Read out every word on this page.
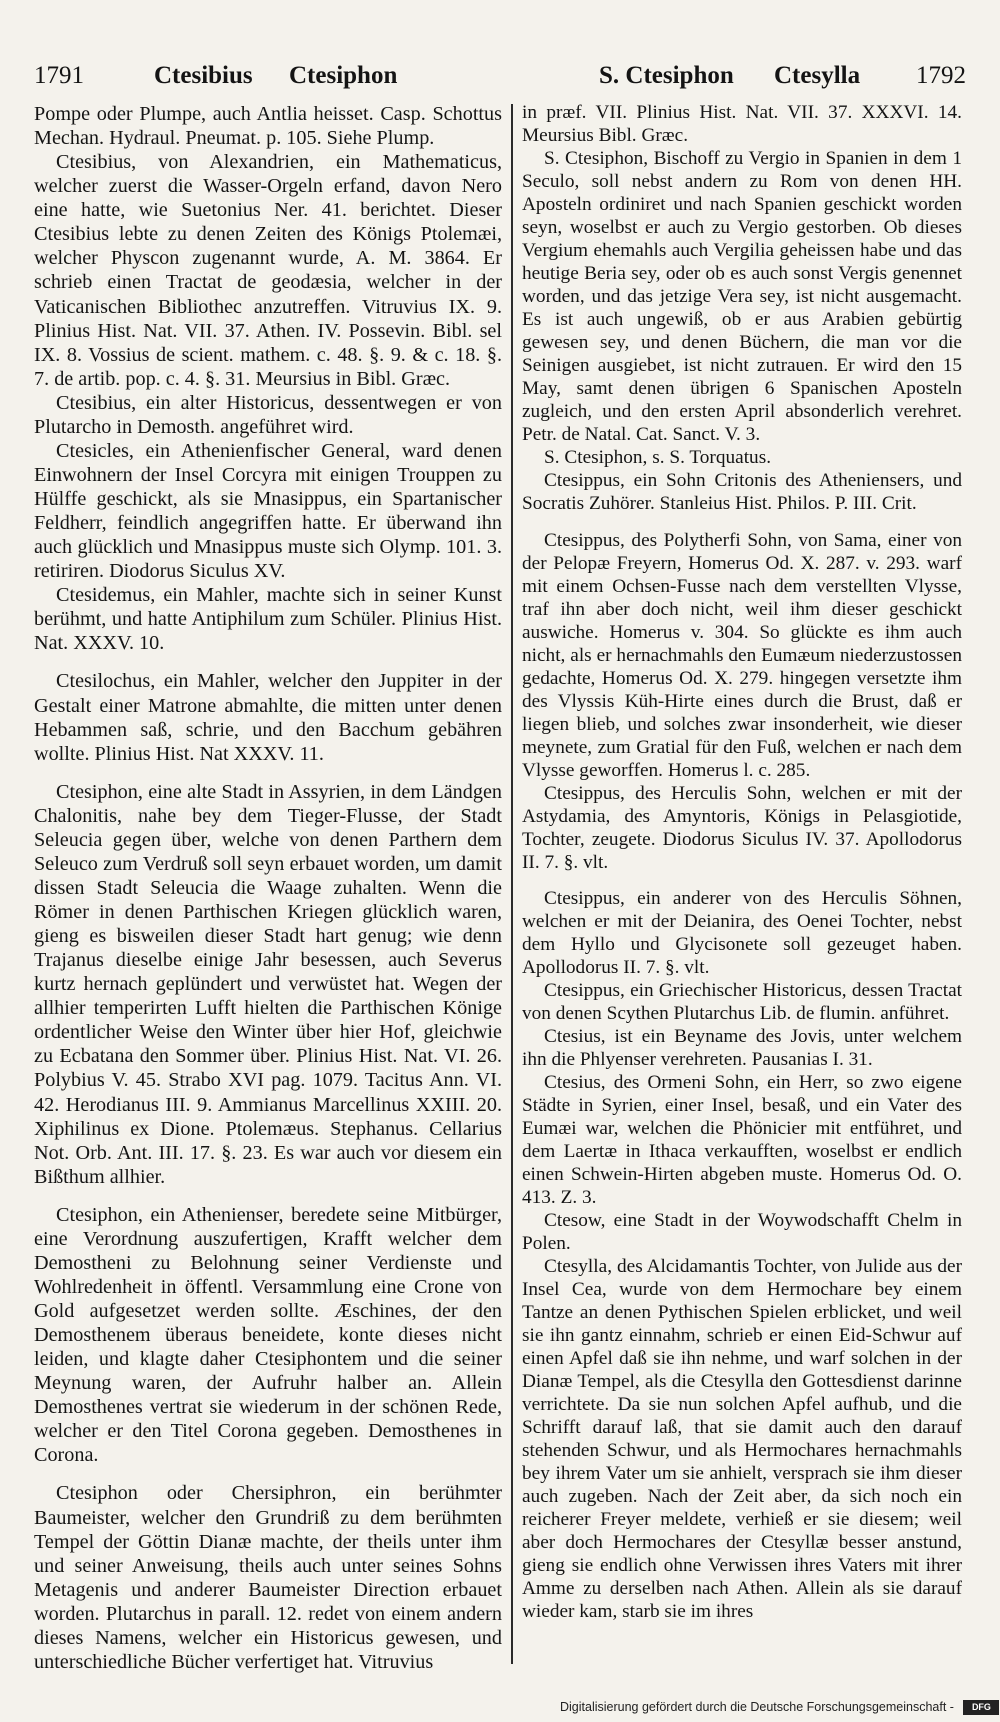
1791	Ctesibius Ctesiphon	S. Ctesiphon Ctesylla 1792

Pompe oder Plumpe, auch Antlia heisset. Casp. Schottus Mechan. Hydraul. Pneumat. p. 105. Siehe Plump.

Ctesibius, von Alexandrien, ein Mathematicus, welcher zuerst die Wasser-Orgeln erfand, davon Nero eine hatte, wie Suetonius Ner. 41. berichtet. Dieser Ctesibius lebte zu denen Zeiten des Königs Ptolemæi, welcher Physcon zugenannt wurde, A. M. 3864. Er schrieb einen Tractat de geodæsia, welcher in der Vaticanischen Bibliothec anzutreffen. Vitruvius IX. 9. Plinius Hist. Nat. VII. 37. Athen. IV. Possevin. Bibl. sel IX. 8. Vossius de scient. mathem. c. 48. §. 9. & c. 18. §. 7. de artib. pop. c. 4. §. 31. Meursius in Bibl. Græc.

Ctesibius, ein alter Historicus, dessentwegen er von Plutarcho in Demosth. angeführet wird.

Ctesicles, ein Athenienfischer General, ward denen Einwohnern der Insel Corcyra mit einigen Trouppen zu Hülffe geschickt, als sie Mnasippus, ein Spartanischer Feldherr, feindlich angegriffen hatte. Er überwand ihn auch glücklich und Mnasippus muste sich Olymp. 101. 3. retiriren. Diodorus Siculus XV.

Ctesidemus, ein Mahler, machte sich in seiner Kunst berühmt, und hatte Antiphilum zum Schüler. Plinius Hist. Nat. XXXV. 10.

Ctesilochus, ein Mahler, welcher den Juppiter in der Gestalt einer Matrone abmahlte, die mitten unter denen Hebammen saß, schrie, und den Bacchum gebähren wollte. Plinius Hist. Nat XXXV. 11.

Ctesiphon, eine alte Stadt in Assyrien, in dem Ländgen Chalonitis, nahe bey dem Tieger-Flusse, der Stadt Seleucia gegen über, welche von denen Parthern dem Seleuco zum Verdruß soll seyn erbauet worden, um damit dissen Stadt Seleucia die Waage zuhalten. Wenn die Römer in denen Parthischen Kriegen glücklich waren, gieng es bisweilen dieser Stadt hart genug; wie denn Trajanus dieselbe einige Jahr besessen, auch Severus kurtz hernach geplündert und verwüstet hat. Wegen der allhier temperirten Lufft hielten die Parthischen Könige ordentlicher Weise den Winter über hier Hof, gleichwie zu Ecbatana den Sommer über. Plinius Hist. Nat. VI. 26. Polybius V. 45. Strabo XVI pag. 1079. Tacitus Ann. VI. 42. Herodianus III. 9. Ammianus Marcellinus XXIII. 20. Xiphilinus ex Dione. Ptolemæus. Stephanus. Cellarius Not. Orb. Ant. III. 17. §. 23. Es war auch vor diesem ein Bißthum allhier.

Ctesiphon, ein Athenienser, beredete seine Mitbürger, eine Verordnung auszufertigen, Krafft welcher dem Demostheni zu Belohnung seiner Verdienste und Wohlredenheit in öffentl. Versammlung eine Crone von Gold aufgesetzet werden sollte. Æschines, der den Demosthenem überaus beneidete, konte dieses nicht leiden, und klagte daher Ctesiphontem und die seiner Meynung waren, der Aufruhr halber an. Allein Demosthenes vertrat sie wiederum in der schönen Rede, welcher er den Titel Corona gegeben. Demosthenes in Corona.

Ctesiphon oder Chersiphron, ein berühmter Baumeister, welcher den Grundriß zu dem berühmten Tempel der Göttin Dianæ machte, der theils unter ihm und seiner Anweisung, theils auch unter seines Sohns Metagenis und anderer Baumeister Direction erbauet worden. Plutarchus in parall. 12. redet von einem andern dieses Namens, welcher ein Historicus gewesen, und unterschiedliche Bücher verfertiget hat. Vitruvius

in præf. VII. Plinius Hist. Nat. VII. 37. XXXVI. 14. Meursius Bibl. Græc.

S. Ctesiphon, Bischoff zu Vergio in Spanien in dem 1 Seculo, soll nebst andern zu Rom von denen HH. Aposteln ordiniret und nach Spanien geschickt worden seyn, woselbst er auch zu Vergio gestorben. Ob dieses Vergium ehemahls auch Vergilia geheissen habe und das heutige Beria sey, oder ob es auch sonst Vergis genennet worden, und das jetzige Vera sey, ist nicht ausgemacht. Es ist auch ungewiß, ob er aus Arabien gebürtig gewesen sey, und denen Büchern, die man vor die Seinigen ausgiebet, ist nicht zutrauen. Er wird den 15 May, samt denen übrigen 6 Spanischen Aposteln zugleich, und den ersten April absonderlich verehret. Petr. de Natal. Cat. Sanct. V. 3.

S. Ctesiphon, s. S. Torquatus.

Ctesippus, ein Sohn Critonis des Atheniensers, und Socratis Zuhörer. Stanleius Hist. Philos. P. III. Crit.

Ctesippus, des Polytherfi Sohn, von Sama, einer von der Pelopæ Freyern, Homerus Od. X. 287. v. 293. warf mit einem Ochsen-Fusse nach dem verstellten Vlysse, traf ihn aber doch nicht, weil ihm dieser geschickt auswiche. Homerus v. 304. So glückte es ihm auch nicht, als er hernachmahls den Eumæum niederzustossen gedachte, Homerus Od. X. 279. hingegen versetzte ihm des Vlyssis Küh-Hirte eines durch die Brust, daß er liegen blieb, und solches zwar insonderheit, wie dieser meynete, zum Gratial für den Fuß, welchen er nach dem Vlysse geworffen. Homerus l. c. 285.

Ctesippus, des Herculis Sohn, welchen er mit der Astydamia, des Amyntoris, Königs in Pelasgiotide, Tochter, zeugete. Diodorus Siculus IV. 37. Apollodorus II. 7. §. vlt.

Ctesippus, ein anderer von des Herculis Söhnen, welchen er mit der Deianira, des Oenei Tochter, nebst dem Hyllo und Glycisonete soll gezeuget haben. Apollodorus II. 7. §. vlt.

Ctesippus, ein Griechischer Historicus, dessen Tractat von denen Scythen Plutarchus Lib. de flumin. anführet.

Ctesius, ist ein Beyname des Jovis, unter welchem ihn die Phlyenser verehreten. Pausanias I. 31.

Ctesius, des Ormeni Sohn, ein Herr, so zwo eigene Städte in Syrien, einer Insel, besaß, und ein Vater des Eumæi war, welchen die Phönicier mit entführet, und dem Laertæ in Ithaca verkaufften, woselbst er endlich einen Schwein-Hirten abgeben muste. Homerus Od. O. 413. Z. 3.

Ctesow, eine Stadt in der Woywodschafft Chelm in Polen.

Ctesylla, des Alcidamantis Tochter, von Julide aus der Insel Cea, wurde von dem Hermochare bey einem Tantze an denen Pythischen Spielen erblicket, und weil sie ihn gantz einnahm, schrieb er einen Eid-Schwur auf einen Apfel daß sie ihn nehme, und warf solchen in der Dianæ Tempel, als die Ctesylla den Gottesdienst darinne verrichtete. Da sie nun solchen Apfel aufhub, und die Schrifft darauf laß, that sie damit auch den darauf stehenden Schwur, und als Hermochares hernachmahls bey ihrem Vater um sie anhielt, versprach sie ihm dieser auch zugeben. Nach der Zeit aber, da sich noch ein reicherer Freyer meldete, verhieß er sie diesem; weil aber doch Hermochares der Ctesyllæ besser anstund, gieng sie endlich ohne Verwissen ihres Vaters mit ihrer Amme zu derselben nach Athen. Allein als sie darauf wieder kam, starb sie im ihres

Digitalisierung gefördert durch die Deutsche Forschungsgemeinschaft - DFG
